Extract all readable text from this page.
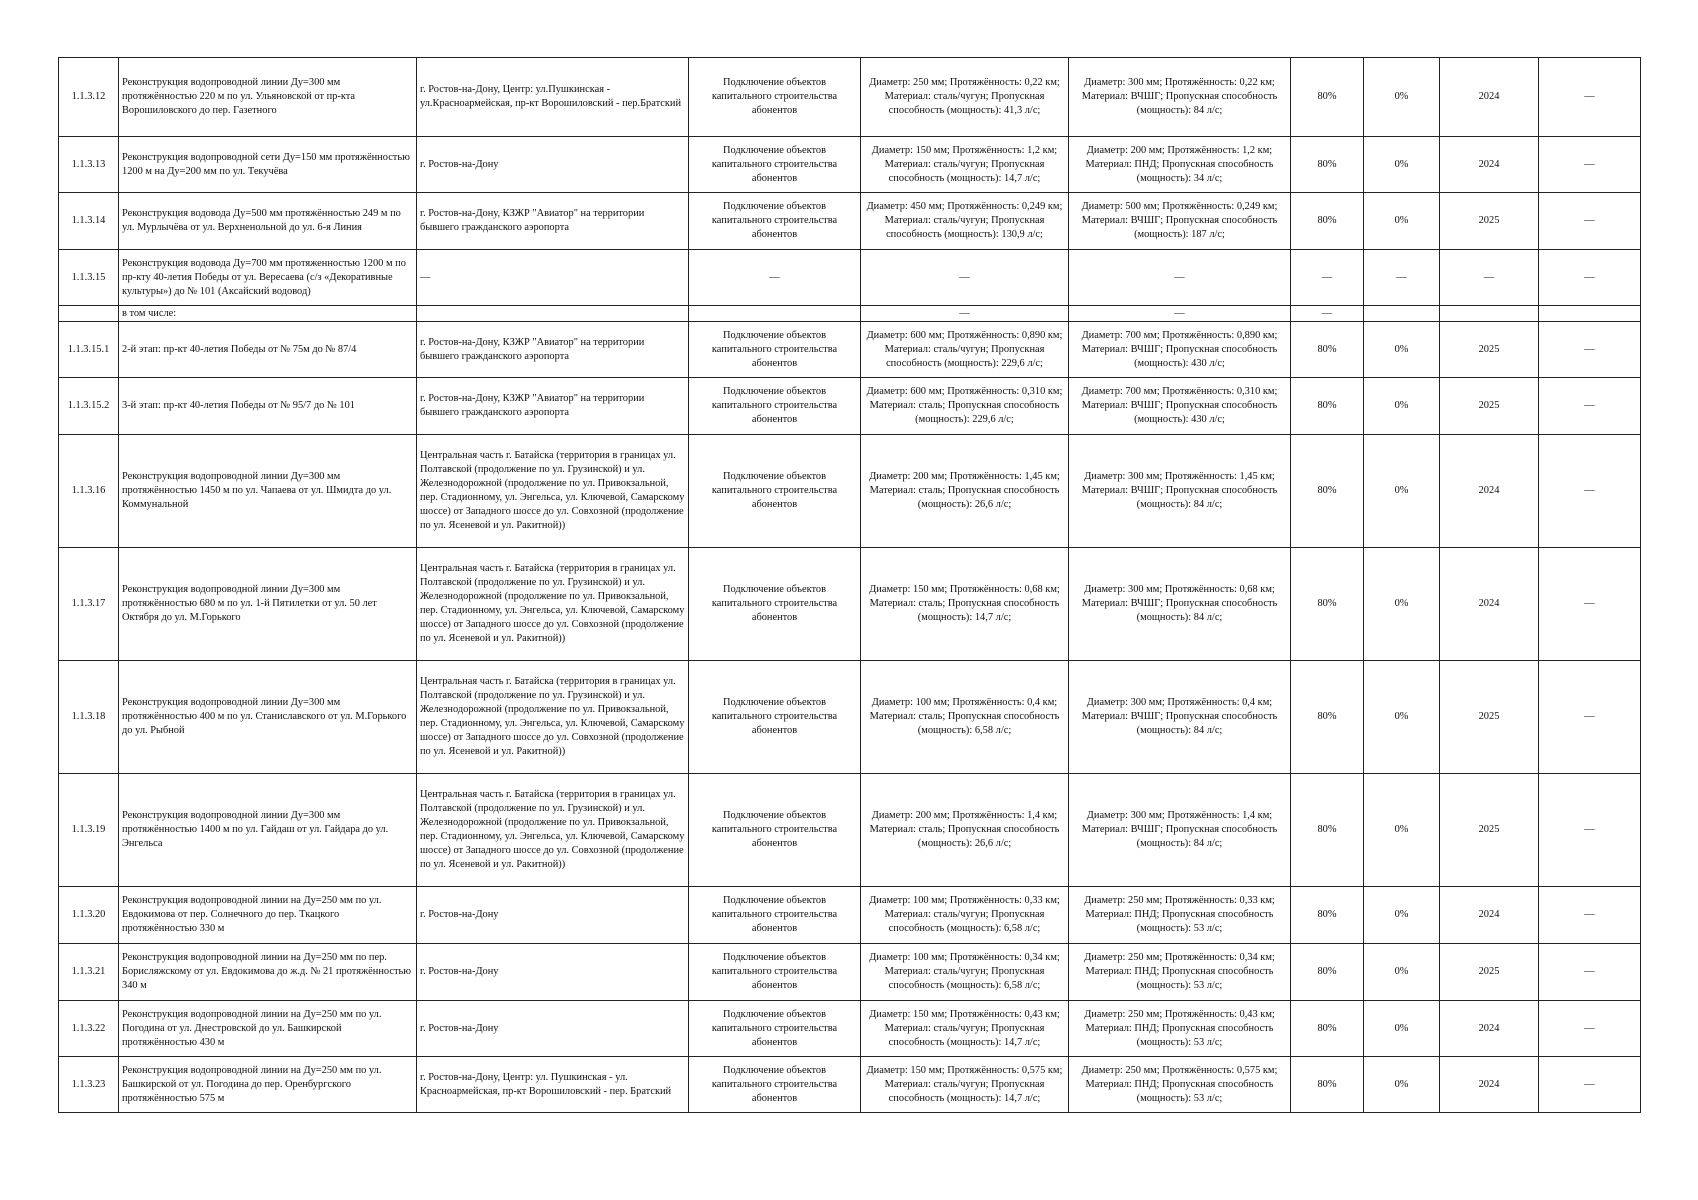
1.1.3.12	Реконструкция водопроводной линии Ду=300 мм протяжённостью 220 м по ул. Ульяновской от пр-кта Ворошиловского до пер. Газетного	г. Ростов-на-Дону, Центр: ул.Пушкинская - ул.Красноармейская, пр-кт Ворошиловский - пер.Братский	Подключение объектов капитального строительства абонентов	Диаметр: 250 мм; Протяжённость: 0,22 км; Материал: сталь/чугун; Пропускная способность (мощность): 41,3 л/с;	Диаметр: 300 мм; Протяжённость: 0,22 км; Материал: ВЧШГ; Пропускная способность (мощность): 84 л/с;	80%	0%	2024	—
1.1.3.13	Реконструкция водопроводной сети Ду=150 мм протяжённостью 1200 м на Ду=200 мм по ул. Текучёва	г. Ростов-на-Дону	Подключение объектов капитального строительства абонентов	Диаметр: 150 мм; Протяжённость: 1,2 км; Материал: сталь/чугун; Пропускная способность (мощность): 14,7 л/с;	Диаметр: 200 мм; Протяжённость: 1,2 км; Материал: ПНД; Пропускная способность (мощность): 34 л/с;	80%	0%	2024	—
1.1.3.14	Реконструкция водовода Ду=500 мм протяжённостью 249 м по ул. Мурлычёва от ул. Верхненольной до ул. 6-я Линия	г. Ростов-на-Дону, КЗЖР "Авиатор" на территории бывшего гражданского аэропорта	Подключение объектов капитального строительства абонентов	Диаметр: 450 мм; Протяжённость: 0,249 км; Материал: сталь/чугун; Пропускная способность (мощность): 130,9 л/с;	Диаметр: 500 мм; Протяжённость: 0,249 км; Материал: ВЧШГ; Пропускная способность (мощность): 187 л/с;	80%	0%	2025	—
1.1.3.15	Реконструкция водовода Ду=700 мм протяженностью 1200 м по пр-кту 40-летия Победы от ул. Вересаева (с/з «Декоративные культуры») до № 101 (Аксайский водовод)	—	—	—	—	—	—	—	—
	в том числе:			—	—	—			
1.1.3.15.1	2-й этап: пр-кт 40-летия Победы от № 75м до № 87/4	г. Ростов-на-Дону, КЗЖР "Авиатор" на территории бывшего гражданского аэропорта	Подключение объектов капитального строительства абонентов	Диаметр: 600 мм; Протяжённость: 0,890 км; Материал: сталь/чугун; Пропускная способность (мощность): 229,6 л/с;	Диаметр: 700 мм; Протяжённость: 0,890 км; Материал: ВЧШГ; Пропускная способность (мощность): 430 л/с;	80%	0%	2025	—
1.1.3.15.2	3-й этап: пр-кт 40-летия Победы от № 95/7 до № 101	г. Ростов-на-Дону, КЗЖР "Авиатор" на территории бывшего гражданского аэропорта	Подключение объектов капитального строительства абонентов	Диаметр: 600 мм; Протяжённость: 0,310 км; Материал: сталь; Пропускная способность (мощность): 229,6 л/с;	Диаметр: 700 мм; Протяжённость: 0,310 км; Материал: ВЧШГ; Пропускная способность (мощность): 430 л/с;	80%	0%	2025	—
1.1.3.16	Реконструкция водопроводной линии Ду=300 мм протяжённостью 1450 м по ул. Чапаева от ул. Шмидта до ул. Коммунальной	Центральная часть г. Батайска (территория в границах ул. Полтавской (продолжение по ул. Грузинской) и ул. Железнодорожной (продолжение по ул. Привокзальной, пер. Стадионному, ул. Энгельса, ул. Ключевой, Самарскому шоссе) от Западного шоссе до ул. Совхозной (продолжение по ул. Ясеневой и ул. Ракитной))	Подключение объектов капитального строительства абонентов	Диаметр: 200 мм; Протяжённость: 1,45 км; Материал: сталь; Пропускная способность (мощность): 26,6 л/с;	Диаметр: 300 мм; Протяжённость: 1,45 км; Материал: ВЧШГ; Пропускная способность (мощность): 84 л/с;	80%	0%	2024	—
1.1.3.17	Реконструкция водопроводной линии Ду=300 мм протяжённостью 680 м по ул. 1-й Пятилетки от ул. 50 лет Октября до ул. М.Горького	Центральная часть г. Батайска (территория в границах ул. Полтавской (продолжение по ул. Грузинской) и ул. Железнодорожной (продолжение по ул. Привокзальной, пер. Стадионному, ул. Энгельса, ул. Ключевой, Самарскому шоссе) от Западного шоссе до ул. Совхозной (продолжение по ул. Ясеневой и ул. Ракитной))	Подключение объектов капитального строительства абонентов	Диаметр: 150 мм; Протяжённость: 0,68 км; Материал: сталь; Пропускная способность (мощность): 14,7 л/с;	Диаметр: 300 мм; Протяжённость: 0,68 км; Материал: ВЧШГ; Пропускная способность (мощность): 84 л/с;	80%	0%	2024	—
1.1.3.18	Реконструкция водопроводной линии Ду=300 мм протяжённостью 400 м по ул. Станиславского от ул. М.Горького до ул. Рыбной	Центральная часть г. Батайска (территория в границах ул. Полтавской (продолжение по ул. Грузинской) и ул. Железнодорожной (продолжение по ул. Привокзальной, пер. Стадионному, ул. Энгельса, ул. Ключевой, Самарскому шоссе) от Западного шоссе до ул. Совхозной (продолжение по ул. Ясеневой и ул. Ракитной))	Подключение объектов капитального строительства абонентов	Диаметр: 100 мм; Протяжённость: 0,4 км; Материал: сталь; Пропускная способность (мощность): 6,58 л/с;	Диаметр: 300 мм; Протяжённость: 0,4 км; Материал: ВЧШГ; Пропускная способность (мощность): 84 л/с;	80%	0%	2025	—
1.1.3.19	Реконструкция водопроводной линии Ду=300 мм протяжённостью 1400 м по ул. Гайдаш от ул. Гайдара до ул. Энгельса	Центральная часть г. Батайска (территория в границах ул. Полтавской (продолжение по ул. Грузинской) и ул. Железнодорожной (продолжение по ул. Привокзальной, пер. Стадионному, ул. Энгельса, ул. Ключевой, Самарскому шоссе) от Западного шоссе до ул. Совхозной (продолжение по ул. Ясеневой и ул. Ракитной))	Подключение объектов капитального строительства абонентов	Диаметр: 200 мм; Протяжённость: 1,4 км; Материал: сталь; Пропускная способность (мощность): 26,6 л/с;	Диаметр: 300 мм; Протяжённость: 1,4 км; Материал: ВЧШГ; Пропускная способность (мощность): 84 л/с;	80%	0%	2025	—
1.1.3.20	Реконструкция водопроводной линии на Ду=250 мм по ул. Евдокимова от пер. Солнечного до пер. Ткацкого протяжённостью 330 м	г. Ростов-на-Дону	Подключение объектов капитального строительства абонентов	Диаметр: 100 мм; Протяжённость: 0,33 км; Материал: сталь/чугун; Пропускная способность (мощность): 6,58 л/с;	Диаметр: 250 мм; Протяжённость: 0,33 км; Материал: ПНД; Пропускная способность (мощность): 53 л/с;	80%	0%	2024	—
1.1.3.21	Реконструкция водопроводной линии на Ду=250 мм по пер. Борисляжскому от ул. Евдокимова до ж.д. № 21 протяжённостью 340 м	г. Ростов-на-Дону	Подключение объектов капитального строительства абонентов	Диаметр: 100 мм; Протяжённость: 0,34 км; Материал: сталь/чугун; Пропускная способность (мощность): 6,58 л/с;	Диаметр: 250 мм; Протяжённость: 0,34 км; Материал: ПНД; Пропускная способность (мощность): 53 л/с;	80%	0%	2025	—
1.1.3.22	Реконструкция водопроводной линии на Ду=250 мм по ул. Погодина от ул. Днестровской до ул. Башкирской протяжённостью 430 м	г. Ростов-на-Дону	Подключение объектов капитального строительства абонентов	Диаметр: 150 мм; Протяжённость: 0,43 км; Материал: сталь/чугун; Пропускная способность (мощность): 14,7 л/с;	Диаметр: 250 мм; Протяжённость: 0,43 км; Материал: ПНД; Пропускная способность (мощность): 53 л/с;	80%	0%	2024	—
1.1.3.23	Реконструкция водопроводной линии на Ду=250 мм по ул. Башкирской от ул. Погодина до пер. Оренбургского протяжённостью 575 м	г. Ростов-на-Дону, Центр: ул. Пушкинская - ул. Красноармейская, пр-кт Ворошиловский - пер. Братский	Подключение объектов капитального строительства абонентов	Диаметр: 150 мм; Протяжённость: 0,575 км; Материал: сталь/чугун; Пропускная способность (мощность): 14,7 л/с;	Диаметр: 250 мм; Протяжённость: 0,575 км; Материал: ПНД; Пропускная способность (мощность): 53 л/с;	80%	0%	2024	—
